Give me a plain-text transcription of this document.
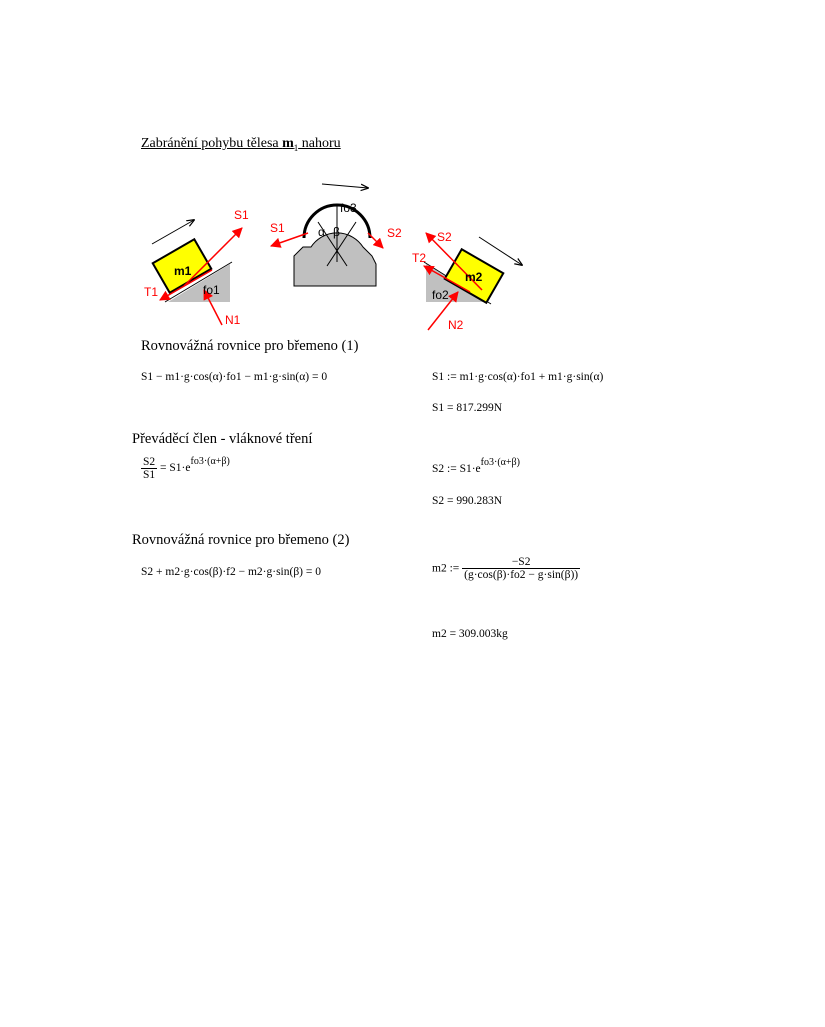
Zabránění pohybu tělesa $m_1$ nahoru
S1
m1
T1	fo1
N1
S1
fo3
α β	S2	S2
T2
m2
fo2
N2
Rovnovážná rovnice pro břemeno (1)
S1 − m1·g·cos(α)·fo1 − m1·g·sin(α) = 0	S1 := m1·g·cos(α)·fo1 + m1·g·sin(α)
S1 = 817.299N
Převáděcí člen - vláknové tření
$\frac{S2}{S1} = S1\cdot efo3\cdot(\alpha+\beta)$
S2 := S1·efo3·(α+β)
S2 = 990.283N
Rovnovážná rovnice pro břemeno (2)
S2 + m2·g·cos(β)·f2 − m2·g·sin(β) = 0	m2 := $\frac{-S2}{(g\cdot\cos(\beta)\cdot fo2 - g\cdot\sin(\beta))}$
m2 = 309.003kg
